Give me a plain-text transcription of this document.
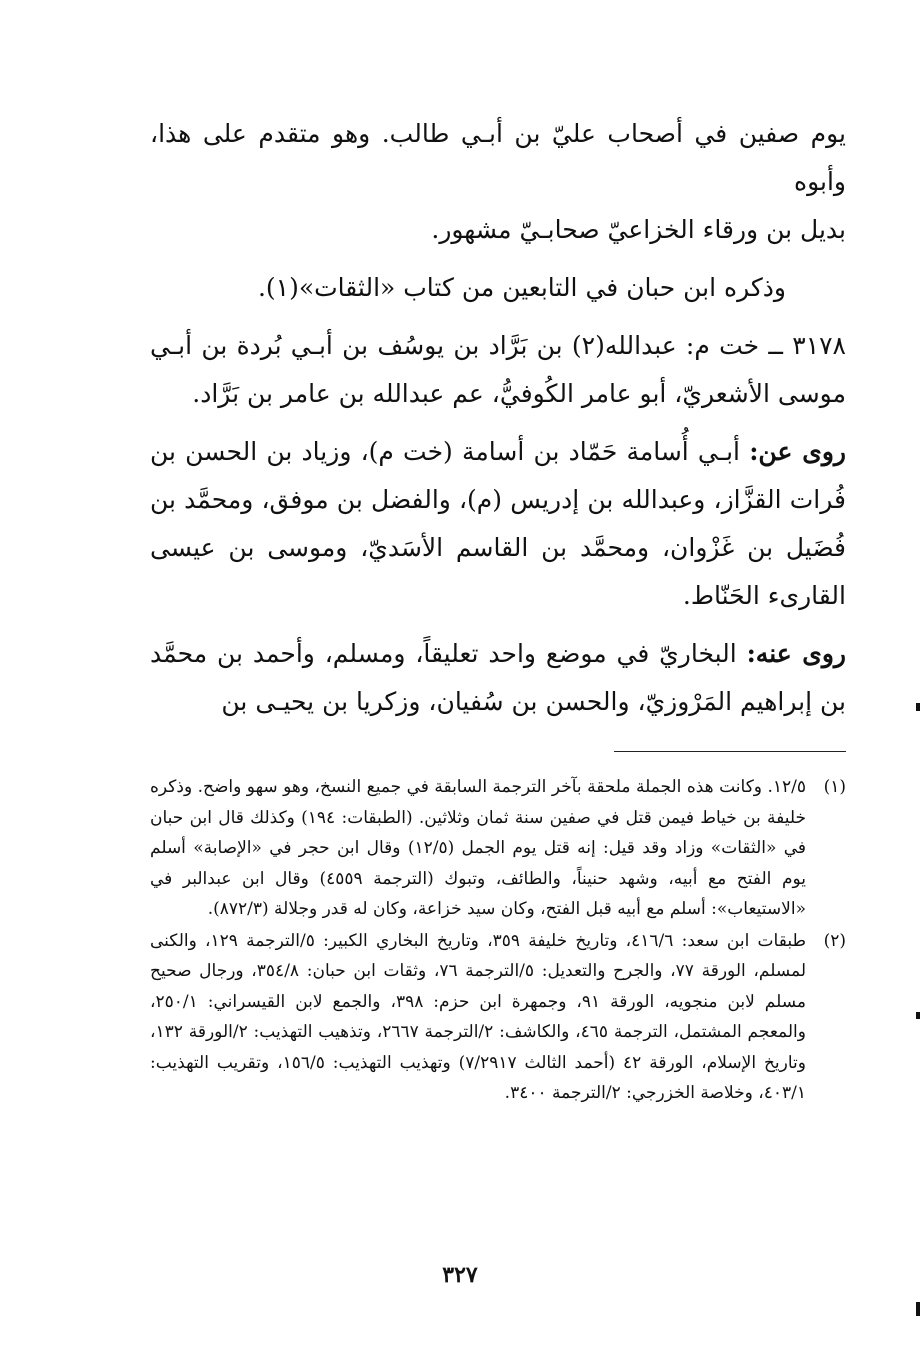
يوم صفين في أصحاب عليّ بن أبـي طالب. وهو متقدم على هذا، وأبوه
بديل بن ورقاء الخزاعيّ صحابـيّ مشهور.

وذكره ابن حبان في التابعين من كتاب «الثقات»(١).

٣١٧٨ ــ خت م: عبدالله(٢) بن بَرَّاد بن يوسُف بن أبـي بُردة بن أبـي موسى الأشعريّ، أبو عامر الكُوفيُّ، عم عبدالله بن عامر بن بَرَّاد.

روى عن: أبـي أُسامة حَمّاد بن أسامة (خت م)، وزياد بن الحسن بن فُرات القزَّاز، وعبدالله بن إدريس (م)، والفضل بن موفق، ومحمَّد بن فُضَيل بن غَزْوان، ومحمَّد بن القاسم الأسَديّ، وموسى بن عيسى القارىء الحَنّاط.

روى عنه: البخاريّ في موضع واحد تعليقاً، ومسلم، وأحمد بن محمَّد بن إبراهيم المَرْوزيّ، والحسن بن سُفيان، وزكريا بن يحيـى بن

(١)
١٢/٥. وكانت هذه الجملة ملحقة بآخر الترجمة السابقة في جميع النسخ، وهو سهو واضح. وذكره خليفة بن خياط فيمن قتل في صفين سنة ثمان وثلاثين. (الطبقات: ١٩٤) وكذلك قال ابن حبان في «الثقات» وزاد وقد قيل: إنه قتل يوم الجمل (١٢/٥) وقال ابن حجر في «الإصابة» أسلم يوم الفتح مع أبيه، وشهد حنيناً، والطائف، وتبوك (الترجمة ٤٥٥٩) وقال ابن عبدالبر في «الاستيعاب»: أسلم مع أبيه قبل الفتح، وكان سيد خزاعة، وكان له قدر وجلالة (٨٧٢/٣).
(٢)
طبقات ابن سعد: ٤١٦/٦، وتاريخ خليفة ٣٥٩، وتاريخ البخاري الكبير: ٥/الترجمة ١٢٩، والكنى لمسلم، الورقة ٧٧، والجرح والتعديل: ٥/الترجمة ٧٦، وثقات ابن حبان: ٣٥٤/٨، ورجال صحيح مسلم لابن منجويه، الورقة ٩١، وجمهرة ابن حزم: ٣٩٨، والجمع لابن القيسراني: ٢٥٠/١، والمعجم المشتمل، الترجمة ٤٦٥، والكاشف: ٢/الترجمة ٢٦٦٧، وتذهيب التهذيب: ٢/الورقة ١٣٢، وتاريخ الإسلام، الورقة ٤٢ (أحمد الثالث ٧/٢٩١٧) وتهذيب التهذيب: ١٥٦/٥، وتقريب التهذيب: ٤٠٣/١، وخلاصة الخزرجي: ٢/الترجمة ٣٤٠٠.
٣٢٧
